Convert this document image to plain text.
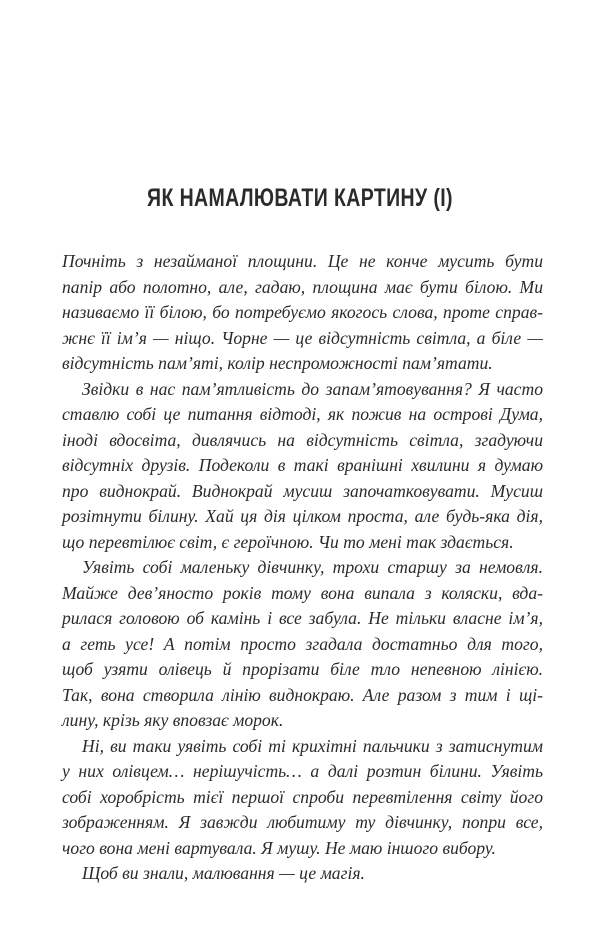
ЯК НАМАЛЮВАТИ КАРТИНУ (І)

Почніть з незайманої площини. Це не конче мусить бути
папір або полотно, але, гадаю, площина має бути білою. Ми
називаємо її білою, бо потребуємо якогось слова, проте справ-
жнє її ім’я — ніщо. Чорне — це відсутність світла, а біле —
відсутність пам’яті, колір неспроможності пам’ятати.

Звідки в нас пам’ятливість до запам’ятовування? Я часто
ставлю собі це питання відтоді, як пожив на острові Дума,
іноді вдосвіта, дивлячись на відсутність світла, згадуючи
відсутніх друзів. Подеколи в такі вранішні хвилини я думаю
про виднокрай. Виднокрай мусиш започатковувати. Мусиш
розітнути білину. Хай ця дія цілком проста, але будь-яка дія,
що перевтілює світ, є героїчною. Чи то мені так здається.

Уявіть собі маленьку дівчинку, трохи старшу за немовля.
Майже дев’яносто років тому вона випала з коляски, вда-
рилася головою об камінь і все забула. Не тільки власне ім’я,
а геть усе! А потім просто згадала достатньо для того,
щоб узяти олівець й прорізати біле тло непевною лінією.
Так, вона створила лінію виднокраю. Але разом з тим і щі-
лину, крізь яку вповзає морок.

Ні, ви таки уявіть собі ті крихітні пальчики з затиснутим
у них олівцем… нерішучість… а далі розтин білини. Уявіть
собі хоробрість тієї першої спроби перевтілення світу його
зображенням. Я завжди любитиму ту дівчинку, попри все,
чого вона мені вартувала. Я мушу. Не маю іншого вибору.

Щоб ви знали, малювання — це магія.
